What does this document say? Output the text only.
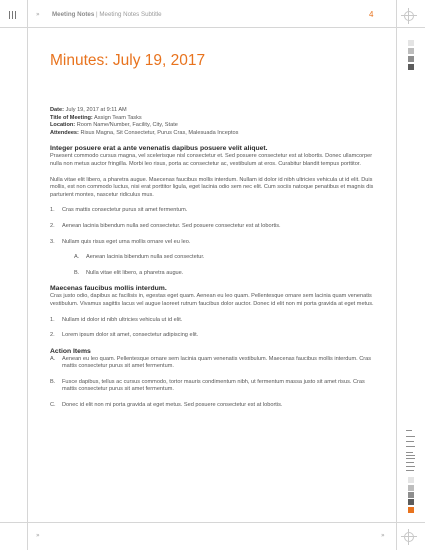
» Meeting Notes | Meeting Notes Subtitle	4
»	»
Minutes: July 19, 2017

Date: July 19, 2017 at 9:11 AM

Title of Meeting: Assign Team Tasks

Location: Room Name/Number, Facility, City, State

Attendees: Risus Magna, Sit Consectetur, Purus Cras, Malesuada Inceptos

Integer posuere erat a ante venenatis dapibus posuere velit aliquet.

Praesent commodo cursus magna, vel scelerisque nisl consectetur et. Sed posuere consectetur est at lobortis. Donec ullamcorper nulla non metus auctor fringilla. Morbi leo risus, porta ac consectetur ac, vestibulum at eros. Curabitur blandit tempus porttitor.

Nulla vitae elit libero, a pharetra augue. Maecenas faucibus mollis interdum. Nullam id dolor id nibh ultricies vehicula ut id elit. Duis mollis, est non commodo luctus, nisi erat porttitor ligula, eget lacinia odio sem nec elit. Cum sociis natoque penatibus et magnis dis parturient montes, nascetur ridiculus mus.

1. Cras mattis consectetur purus sit amet fermentum.
2. Aenean lacinia bibendum nulla sed consectetur. Sed posuere consectetur est at lobortis.
3. Nullam quis risus eget urna mollis ornare vel eu leo.
A. Aenean lacinia bibendum nulla sed consectetur.
B. Nulla vitae elit libero, a pharetra augue.
Maecenas faucibus mollis interdum.

Cras justo odio, dapibus ac facilisis in, egestas eget quam. Aenean eu leo quam. Pellentesque ornare sem lacinia quam venenatis vestibulum. Vivamus sagittis lacus vel augue laoreet rutrum faucibus dolor auctor. Donec id elit non mi porta gravida at eget metus.

1. Nullam id dolor id nibh ultricies vehicula ut id elit.
2. Lorem ipsum dolor sit amet, consectetur adipiscing elit.
Action Items
A. Aenean eu leo quam. Pellentesque ornare sem lacinia quam venenatis vestibulum. Maecenas faucibus mollis interdum. Cras mattis consectetur purus sit amet fermentum.
B. Fusce dapibus, tellus ac cursus commodo, tortor mauris condimentum nibh, ut fermentum massa justo sit amet risus. Cras mattis consectetur purus sit amet fermentum.
C. Donec id elit non mi porta gravida at eget metus. Sed posuere consectetur est at lobortis.
